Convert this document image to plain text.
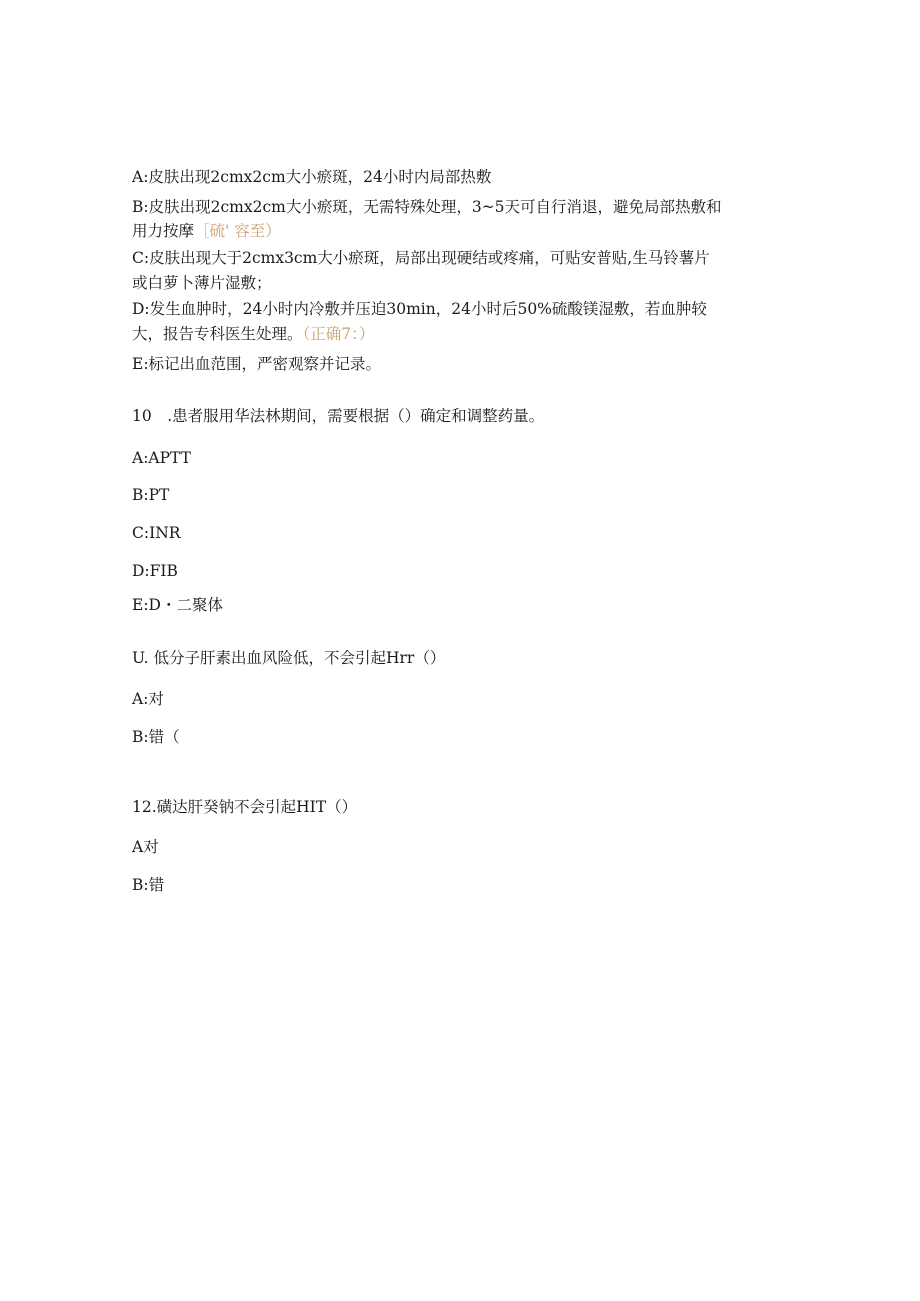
A:皮肤出现2cmx2cm大小瘀斑，24小时内局部热敷
B:皮肤出现2cmx2cm大小瘀斑，无需特殊处理，3~5天可自行消退，避免局部热敷和
用力按摩［硫' 容至）
C:皮肤出现大于2cmx3cm大小瘀斑，局部出现硬结或疼痛，可贴安普贴,生马铃薯片
或白萝卜薄片湿敷；
D:发生血肿时，24小时内冷敷并压迫30min，24小时后50%硫酸镁湿敷，若血肿较
大，报告专科医生处理。（正确7：）
E:标记出血范围，严密观察并记录。
10　.患者服用华法林期间，需要根据（）确定和调整药量。
A:APTT
B:PT
C:INR
D:FIB
E:D・二聚体
U. 低分子肝素出血风险低，不会引起Hrr（）
A:对
B:错（
12.磺达肝癸钠不会引起HIT（）
A对
B:错
